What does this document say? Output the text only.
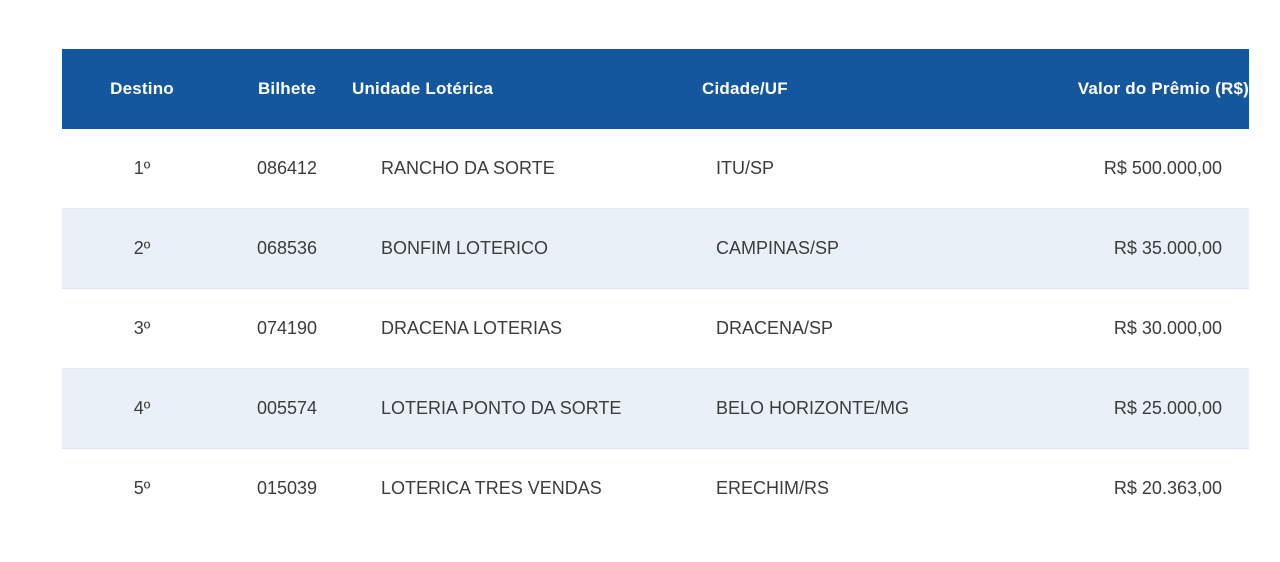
Destino	Bilhete	Unidade Lotérica	Cidade/UF	Valor do Prêmio (R$)
1º	086412	RANCHO DA SORTE	ITU/SP	R$ 500.000,00
2º	068536	BONFIM LOTERICO	CAMPINAS/SP	R$ 35.000,00
3º	074190	DRACENA LOTERIAS	DRACENA/SP	R$ 30.000,00
4º	005574	LOTERIA PONTO DA SORTE	BELO HORIZONTE/MG	R$ 25.000,00
5º	015039	LOTERICA TRES VENDAS	ERECHIM/RS	R$ 20.363,00
